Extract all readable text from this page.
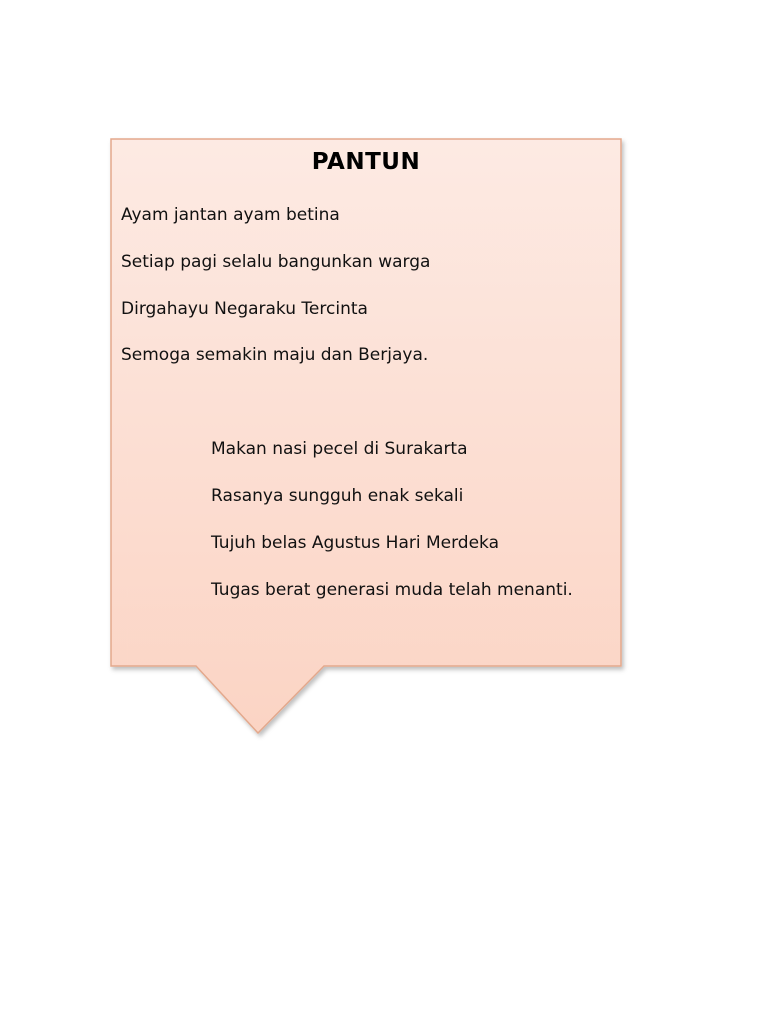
PANTUN
Ayam jantan ayam betina
Setiap pagi selalu bangunkan warga
Dirgahayu Negaraku Tercinta
Semoga semakin maju dan Berjaya.
Makan nasi pecel di Surakarta
Rasanya sungguh enak sekali
Tujuh belas Agustus Hari Merdeka
Tugas berat generasi muda telah menanti.
